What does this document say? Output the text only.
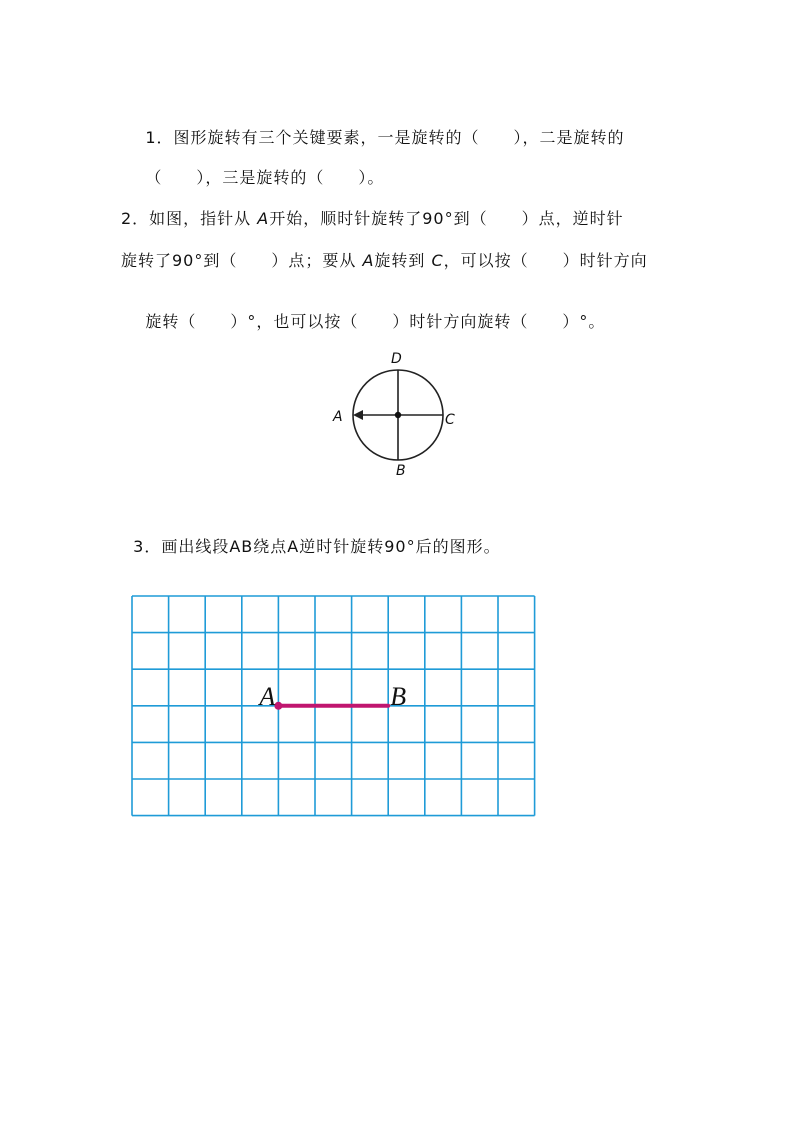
1．图形旋转有三个关键要素，一是旋转的（　　），二是旋转的

（　　），三是旋转的（　　）。

2．如图，指针从 A开始，顺时针旋转了90°到（　　）点，逆时针
旋转了90°到（　　）点；要从 A旋转到 C，可以按（　　）时针方向

旋转（　　）°，也可以按（　　）时针方向旋转（　　）°。

D
A	C
B

3．画出线段AB绕点A逆时针旋转90°后的图形。

A	B
